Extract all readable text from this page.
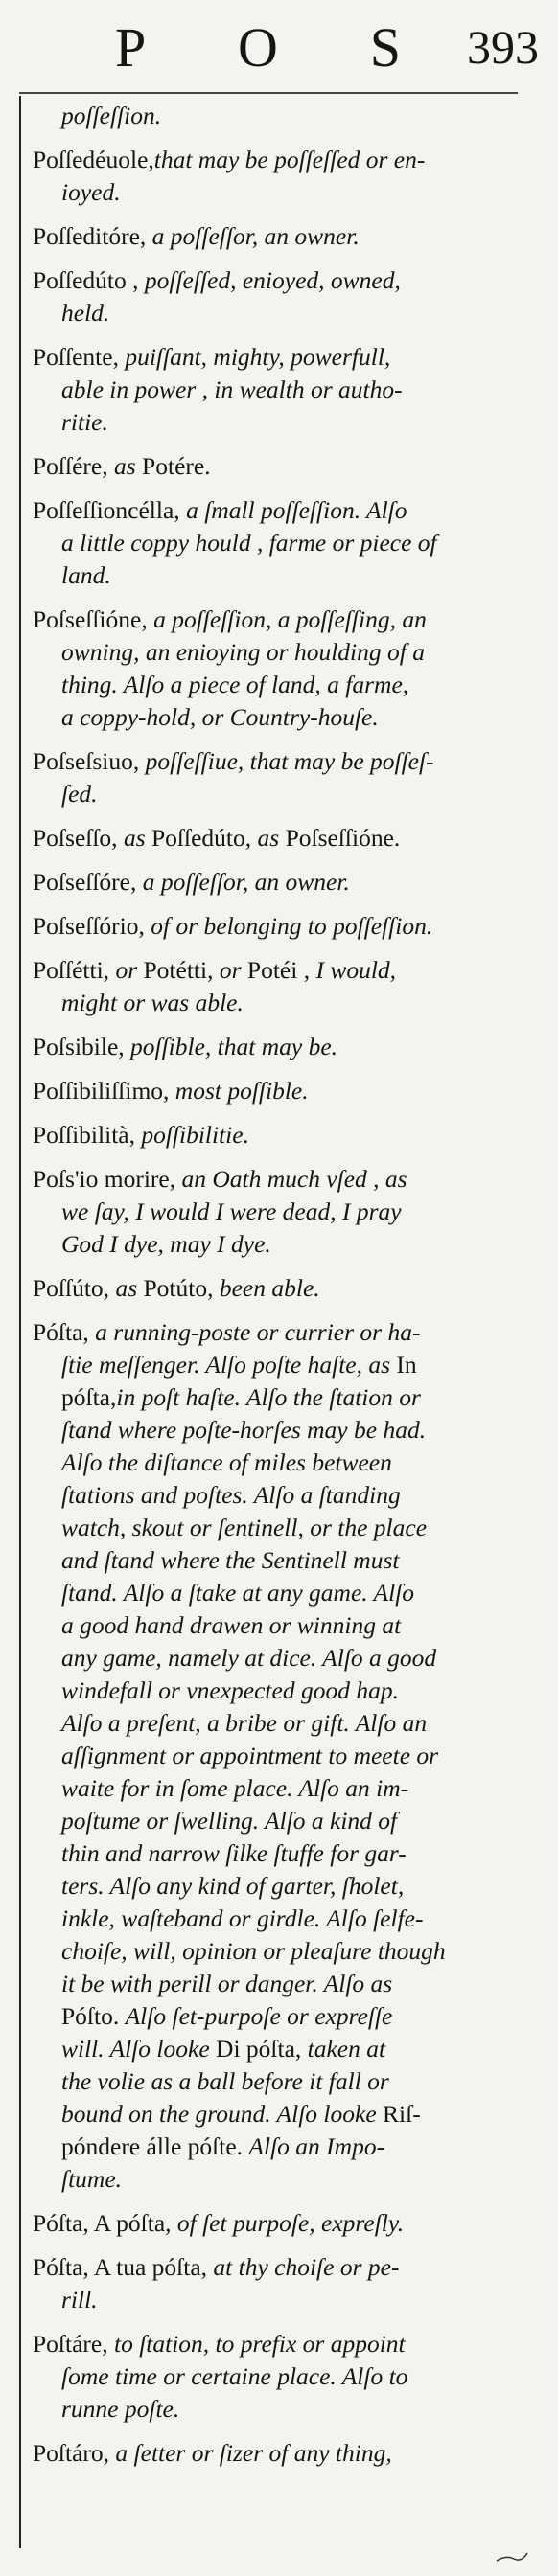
P O S 393
poſſeſſion.
Poſſedéuole,that may be poſſeſſed or en-
ioyed.
Poſſeditóre, a poſſeſſor, an owner.
Poſſedúto , poſſeſſed, enioyed, owned,
held.
Poſſente, puiſſant, mighty, powerfull,
able in power , in wealth or autho-
ritie.
Poſſére, as Potére.
Poſſeſſioncélla, a ſmall poſſeſſion. Alſo
a little coppy hould , farme or piece of
land.
Poſseſſióne, a poſſeſſion, a poſſeſſing, an
owning, an enioying or houlding of a
thing. Alſo a piece of land, a farme,
a coppy-hold, or Country-houſe.
Poſseſsiuo, poſſeſſiue, that may be poſſeſ-
ſed.
Poſseſſo, as Poſſedúto, as Poſseſſióne.
Poſseſſóre, a poſſeſſor, an owner.
Poſseſſório, of or belonging to poſſeſſion.
Poſſétti, or Potétti, or Potéi , I would,
might or was able.
Poſsibile, poſſible, that may be.
Poſſibiliſſimo, most poſſible.
Poſſibilità, poſſibilitie.
Poſs'io morire, an Oath much vſed , as
we ſay, I would I were dead, I pray
God I dye, may I dye.
Poſſúto, as Potúto, been able.
Póſta, a running-poste or currier or ha-
ſtie meſſenger. Alſo poſte haſte, as In
póſta,in poſt haſte. Alſo the ſtation or
ſtand where poſte-horſes may be had.
Alſo the diſtance of miles between
ſtations and poſtes. Alſo a ſtanding
watch, skout or ſentinell, or the place
and ſtand where the Sentinell must
ſtand. Alſo a ſtake at any game. Alſo
a good hand drawen or winning at
any game, namely at dice. Alſo a good
windefall or vnexpected good hap.
Alſo a preſent, a bribe or gift. Alſo an
aſſignment or appointment to meete or
waite for in ſome place. Alſo an im-
poſtume or ſwelling. Alſo a kind of
thin and narrow ſilke ſtuffe for gar-
ters. Alſo any kind of garter, ſholet,
inkle, waſteband or girdle. Alſo ſelfe-
choiſe, will, opinion or pleaſure though
it be with perill or danger. Alſo as
Póſto. Alſo ſet-purpoſe or expreſſe
will. Alſo looke Di póſta, taken at
the volie as a ball before it fall or
bound on the ground. Alſo looke Riſ-
póndere álle póſte. Alſo an Impo-
ſtume.
Póſta, A póſta, of ſet purpoſe, expreſly.
Póſta, A tua póſta, at thy choiſe or pe-
rill.
Poſtáre, to ſtation, to prefix or appoint
ſome time or certaine place. Alſo to
runne poſte.
Poſtáro, a ſetter or ſizer of any thing,
